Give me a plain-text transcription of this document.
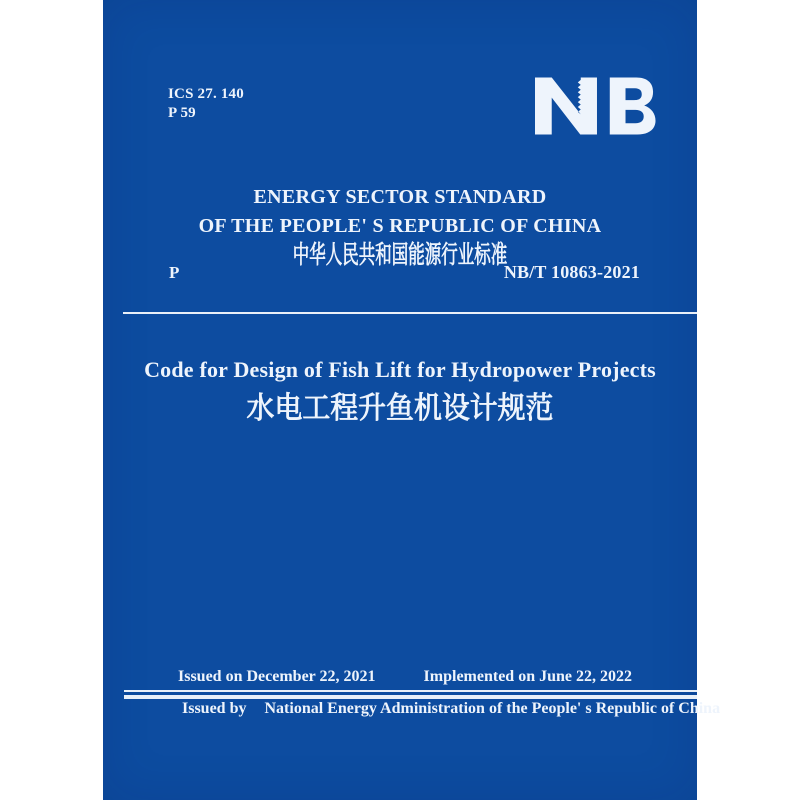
ICS 27. 140
P 59
ENERGY SECTOR STANDARD
OF THE PEOPLE' S REPUBLIC OF CHINA
中华人民共和国能源行业标准
P	NB/T 10863-2021
Code for Design of Fish Lift for Hydropower Projects
水电工程升鱼机设计规范
Issued on December 22, 2021	Implemented on June 22, 2022
Issued by National Energy Administration of the People' s Republic of China
